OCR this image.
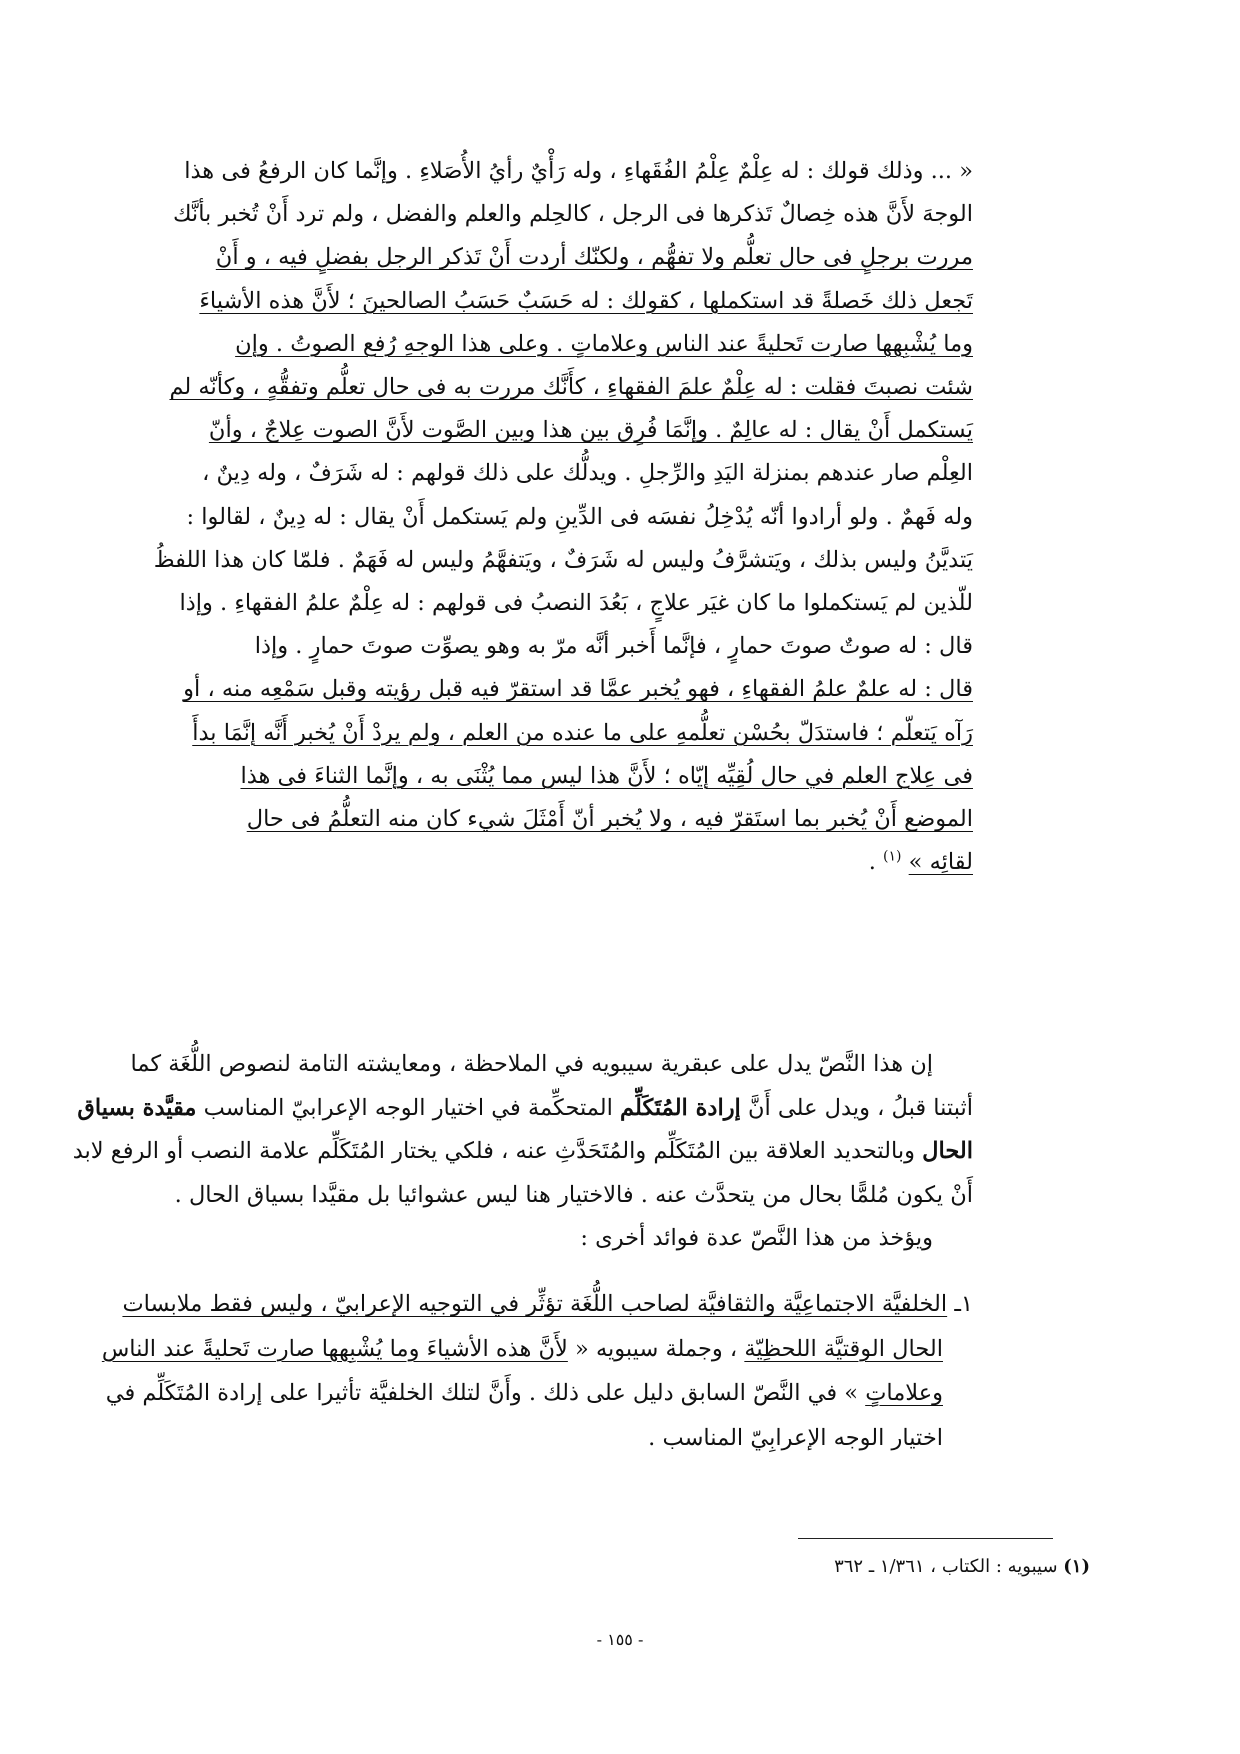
« ... وذلك قولك : له عِلْمٌ عِلْمُ الفُقَهاءِ ، وله رَأْيٌ رأيُ الأُصَلاءِ . وإنَّما كان الرفعُ فى هذا
الوجهَ لأَنَّ هذه خِصالٌ تَذكرها فى الرجل ، كالحِلم والعلم والفضل ، ولم ترد أَنْ تُخبر بأنَّك
مررت برجلٍ فى حال تعلُّم ولا تفهُّم ، ولكنّك أردت أَنْ تَذكر الرجل بفضلٍ فيه ، و أَنْ
تَجعل ذلك خَصلةً قد استكملها ، كقولك : له حَسَبٌ حَسَبُ الصالحينَ ؛ لأَنَّ هذه الأشياءَ
وما يُشْبِهها صارت تَحليةً عند الناس وعلاماتٍ . وعلى هذا الوجهِ رُفع الصوتُ . وإن
شئت نصبتَ فقلت : له عِلْمٌ علمَ الفقهاءِ ، كأَنَّك مررت به فى حال تعلُّم وتفقُّهٍ ، وكأنّه لم
يَستكمل أَنْ يقال : له عالِمٌ . وإنَّمَا فُرِق بين هذا وبين الصَّوت لأَنَّ الصوت عِلاجٌ ، وأنّ
العِلْم صار عندهم بمنزلة اليَدِ والرِّجلِ . ويدلُّك على ذلك قولهم : له شَرَفٌ ، وله دِينٌ ،
وله فَهمٌ . ولو أرادوا أنّه يُدْخِلُ نفسَه فى الدِّينِ ولم يَستكمل أَنْ يقال : له دِينٌ ، لقالوا :
يَتديَّنُ وليس بذلك ، ويَتشرَّفُ وليس له شَرَفٌ ، ويَتفهَّمُ وليس له فَهَمٌ . فلمّا كان هذا اللفظُ
للّذين لم يَستكملوا ما كان غيَر علاجٍ ، بَعُدَ النصبُ فى قولهم : له عِلْمٌ علمُ الفقهاءِ . وإذا
قال : له صوتٌ صوتَ حمارٍ ، فإنَّما أَخبر أنَّه مرّ به وهو يصوِّت صوتَ حمارٍ . وإذا
قال : له علمٌ علمُ الفقهاءِ ، فهو يُخبر عمَّا قد استقرّ فيه قبل رؤيته وقبل سَمْعِه منه ، أو
رَآه يَتعلّم ؛ فاستدَلّ بحُسْن تعلُّمهِ على ما عنده من العلم ، ولم يردْ أَنْ يُخبر أَنَّه إنَّمَا بدأَ
فى عِلاج العلم في حال لُقِيِّه إيّاه ؛ لأَنَّ هذا ليس مما يُثْنَى به ، وإنَّما الثناءَ فى هذا
الموضع أَنْ يُخبر بما استَقرّ فيه ، ولا يُخبر أنّ أَمْثَلَ شيء كان منه التعلُّمُ فى حال
لقائِه » $^{(١)}$ .
إن هذا النَّصّ يدل على عبقرية سيبويه في الملاحظة ، ومعايشته التامة لنصوص اللُّغَة كما
أثبتنا قبلُ ، ويدل على أَنَّ إرادة المُتَكَلِّم المتحكِّمة في اختيار الوجه الإعرابيّ المناسب مقيَّدة بسياق
الحال وبالتحديد العلاقة بين المُتَكَلِّم والمُتَحَدَّثِ عنه ، فلكي يختار المُتَكَلِّم علامة النصب أو الرفع لابد
أَنْ يكون مُلمًّا بحال من يتحدَّث عنه . فالاختيار هنا ليس عشوائيا بل مقيَّدا بسياق الحال .
ويؤخذ من هذا النَّصّ عدة فوائد أخرى :
١ـ الخلفيَّة الاجتماعِيَّة والثقافيَّة لصاحب اللُّغَة تؤثِّر في التوجيه الإعرابيّ ، وليس فقط ملابسات
الحال الوقتيَّة اللحظِيّة ، وجملة سيبويه « لأَنَّ هذه الأشياءَ وما يُشْبِهها صارت تَحليةً عند الناس
وعلاماتٍ » في النَّصّ السابق دليل على ذلك . وأَنَّ لتلك الخلفيَّة تأثيرا على إرادة المُتَكَلِّم في
اختيار الوجه الإعرابِيّ المناسب .
(١) سيبويه : الكتاب ، ١/٣٦١ ـ ٣٦٢
- ١٥٥ -
